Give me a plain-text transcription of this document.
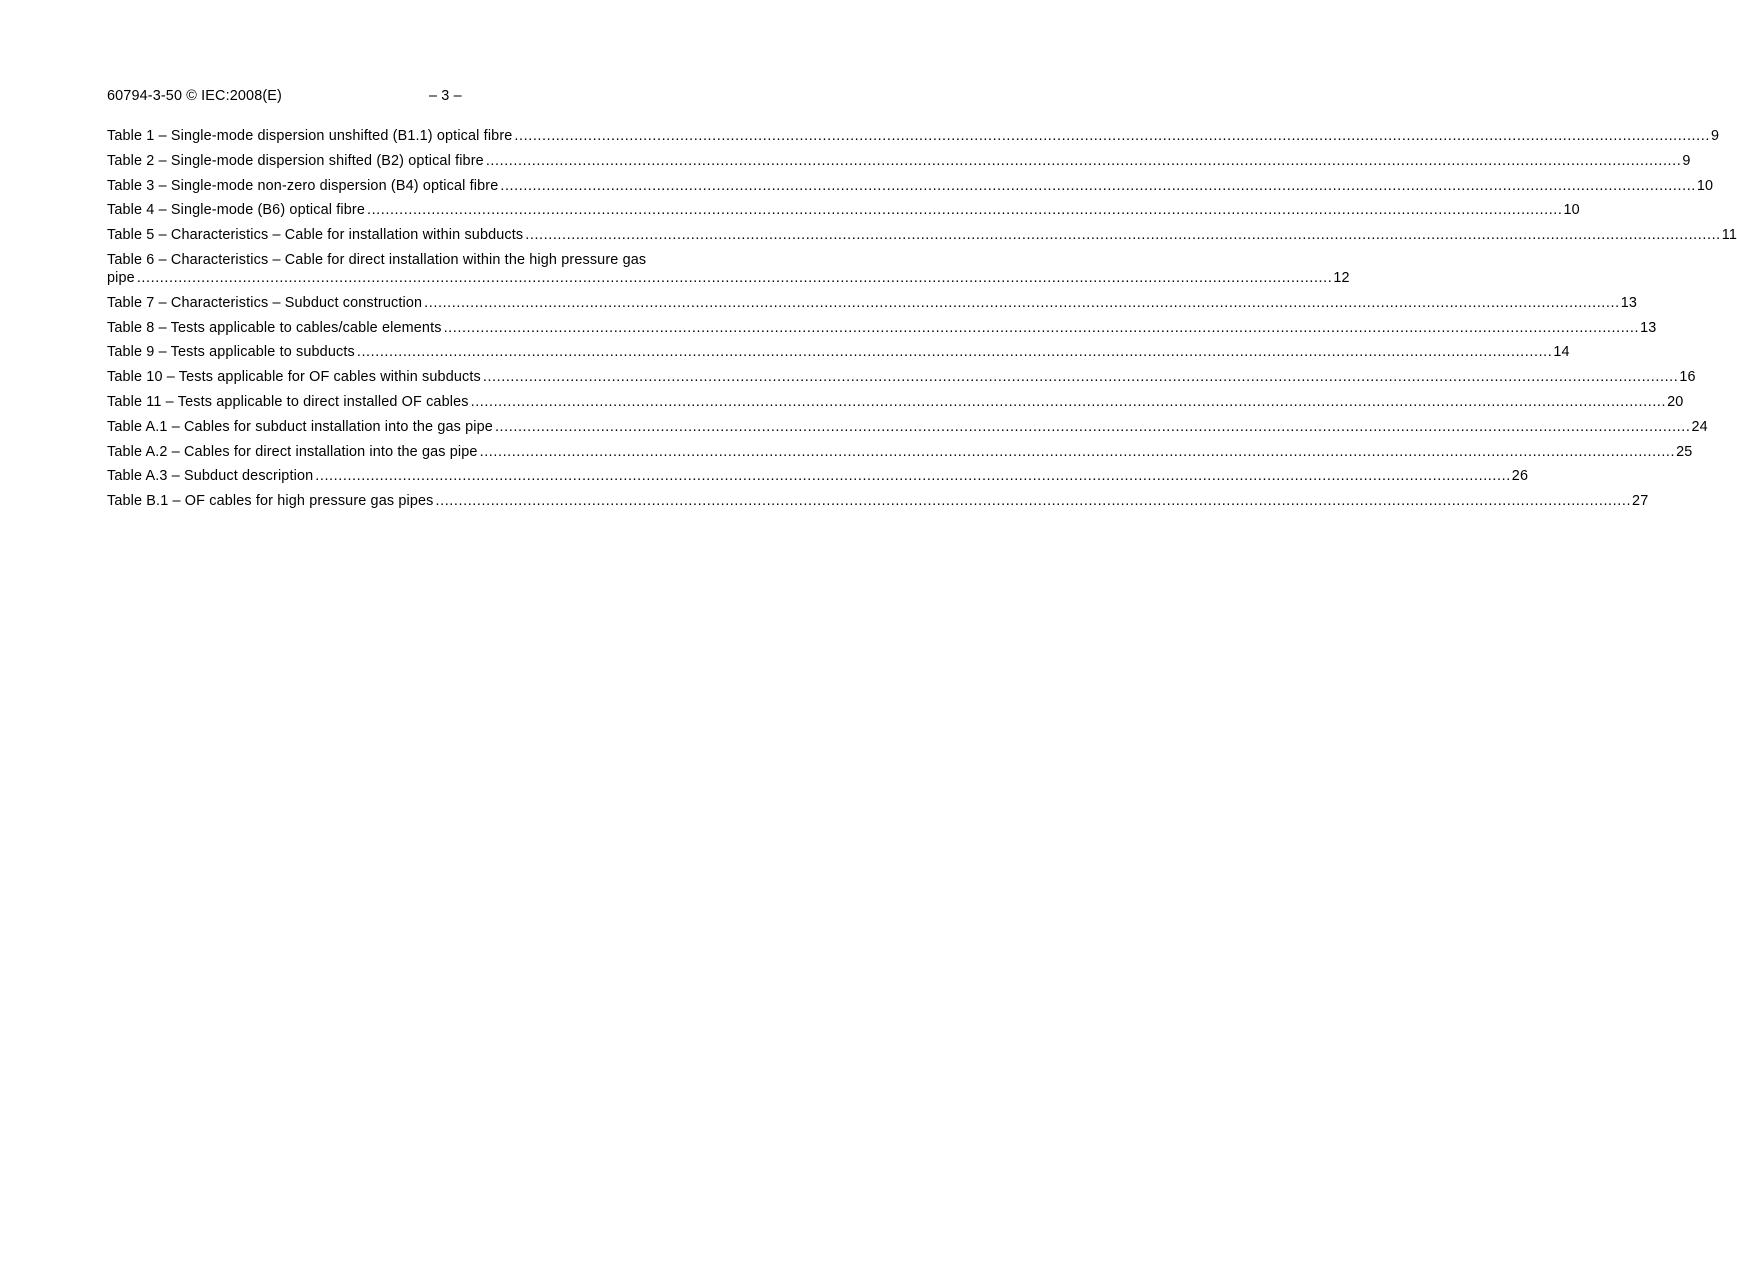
60794-3-50 © IEC:2008(E)	– 3 –
Table 1 – Single-mode dispersion unshifted (B1.1) optical fibre .................................................................................................................................................................................................................................................................... 9
Table 2 – Single-mode dispersion shifted (B2) optical fibre .................................................................................................................................................................................................................................................................... 9
Table 3 – Single-mode non-zero dispersion (B4) optical fibre .................................................................................................................................................................................................................................................................... 10
Table 4 – Single-mode (B6) optical fibre .................................................................................................................................................................................................................................................................... 10
Table 5 – Characteristics – Cable for installation within subducts .................................................................................................................................................................................................................................................................... 11
Table 6 – Characteristics – Cable for direct installation within the high pressure gas
pipe .................................................................................................................................................................................................................................................................... 12
Table 7 – Characteristics – Subduct construction .................................................................................................................................................................................................................................................................... 13
Table 8 – Tests applicable to cables/cable elements .................................................................................................................................................................................................................................................................... 13
Table 9 – Tests applicable to subducts .................................................................................................................................................................................................................................................................... 14
Table 10 – Tests applicable for OF cables within subducts .................................................................................................................................................................................................................................................................... 16
Table 11 – Tests applicable to direct installed OF cables .................................................................................................................................................................................................................................................................... 20
Table A.1 – Cables for subduct installation into the gas pipe .................................................................................................................................................................................................................................................................... 24
Table A.2 – Cables for direct installation into the gas pipe .................................................................................................................................................................................................................................................................... 25
Table A.3 – Subduct description .................................................................................................................................................................................................................................................................... 26
Table B.1 – OF cables for high pressure gas pipes .................................................................................................................................................................................................................................................................... 27
